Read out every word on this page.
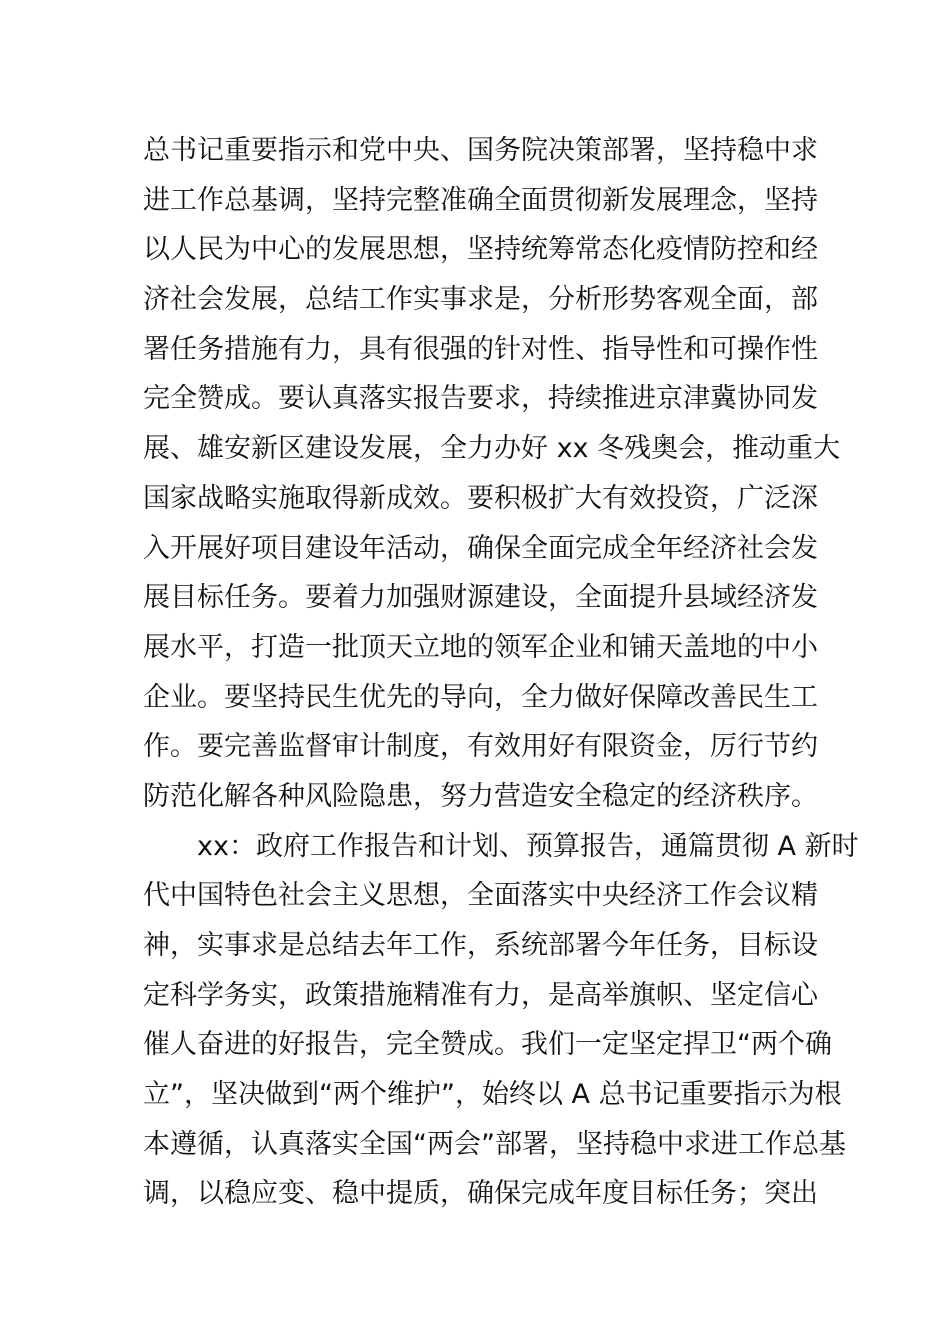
总书记重要指示和党中央、国务院决策部署，坚持稳中求
进工作总基调，坚持完整准确全面贯彻新发展理念，坚持
以人民为中心的发展思想，坚持统筹常态化疫情防控和经
济社会发展，总结工作实事求是，分析形势客观全面，部
署任务措施有力，具有很强的针对性、指导性和可操作性
完全赞成。要认真落实报告要求，持续推进京津冀协同发
展、雄安新区建设发展，全力办好 xx 冬残奥会，推动重大
国家战略实施取得新成效。要积极扩大有效投资，广泛深
入开展好项目建设年活动，确保全面完成全年经济社会发
展目标任务。要着力加强财源建设，全面提升县域经济发
展水平，打造一批顶天立地的领军企业和铺天盖地的中小
企业。要坚持民生优先的导向，全力做好保障改善民生工
作。要完善监督审计制度，有效用好有限资金，厉行节约
防范化解各种风险隐患，努力营造安全稳定的经济秩序。
xx：政府工作报告和计划、预算报告，通篇贯彻 A 新时
代中国特色社会主义思想，全面落实中央经济工作会议精
神，实事求是总结去年工作，系统部署今年任务，目标设
定科学务实，政策措施精准有力，是高举旗帜、坚定信心
催人奋进的好报告，完全赞成。我们一定坚定捍卫“两个确
立”，坚决做到“两个维护”，始终以 A 总书记重要指示为根
本遵循，认真落实全国“两会”部署，坚持稳中求进工作总基
调，以稳应变、稳中提质，确保完成年度目标任务；突出
